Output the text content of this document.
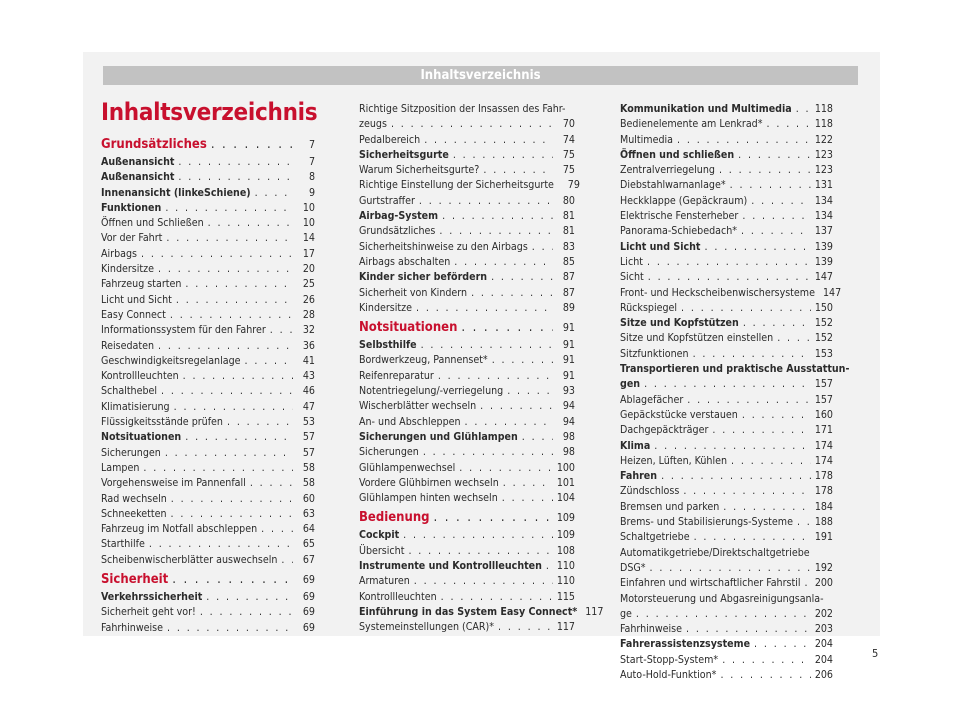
Inhaltsverzeichnis
Inhaltsverzeichnis
Grundsätzliches . . .	7
Außenansicht . . .	7
Außenansicht . . .	8
Innenansicht (linkeSchiene) . . .	9
Funktionen . . .	10
Öffnen und Schließen . . .	10
Vor der Fahrt . . .	14
Airbags . . .	17
Kindersitze . . .	20
Fahrzeug starten . . .	25
Licht und Sicht . . .	26
Easy Connect . . .	28
Informationssystem für den Fahrer . . .	32
Reisedaten . . .	36
Geschwindigkeitsregelanlage . . .	41
Kontrollleuchten . . .	43
Schalthebel . . .	46
Klimatisierung . . .	47
Flüssigkeitsstände prüfen . . .	53
Notsituationen . . .	57
Sicherungen . . .	57
Lampen . . .	58
Vorgehensweise im Pannenfall . . .	58
Rad wechseln . . .	60
Schneeketten . . .	63
Fahrzeug im Notfall abschleppen . . .	64
Starthilfe . . .	65
Scheibenwischerblätter auswechseln . . .	67
Sicherheit . . .	69
Verkehrssicherheit . . .	69
Sicherheit geht vor! . . .	69
Fahrhinweise . . .	69
Richtige Sitzposition der Insassen des Fahr-
zeugs . . .	70
Pedalbereich . . .	74
Sicherheitsgurte . . .	75
Warum Sicherheitsgurte? . . .	75
Richtige Einstellung der Sicherheitsgurte	79
Gurtstraffer . . .	80
Airbag-System . . .	81
Grundsätzliches . . .	81
Sicherheitshinweise zu den Airbags . . .	83
Airbags abschalten . . .	85
Kinder sicher befördern . . .	87
Sicherheit von Kindern . . .	87
Kindersitze . . .	89
Notsituationen . . .	91
Selbsthilfe . . .	91
Bordwerkzeug, Pannenset* . . .	91
Reifenreparatur . . .	91
Notentriegelung/-verriegelung . . .	93
Wischerblätter wechseln . . .	94
An- und Abschleppen . . .	94
Sicherungen und Glühlampen . . .	98
Sicherungen . . .	98
Glühlampenwechsel . . .	100
Vordere Glühbirnen wechseln . . .	101
Glühlampen hinten wechseln . . .	104
Bedienung . . .	109
Cockpit . . .	109
Übersicht . . .	108
Instrumente und Kontrollleuchten . . . 110
Armaturen . . .	110
Kontrollleuchten . . .	115
Einführung in das System Easy Connect* 117
Systemeinstellungen (CAR)* . . .	117
Kommunikation und Multimedia . . . 118
Bedienelemente am Lenkrad* . . .	118
Multimedia . . .	122
Öffnen und schließen . . .	123
Zentralverriegelung . . .	123
Diebstahlwarnanlage* . . .	131
Heckklappe (Gepäckraum) . . .	134
Elektrische Fensterheber . . .	134
Panorama-Schiebedach* . . .	137
Licht und Sicht . . .	139
Licht . . .	139
Sicht . . .	147
Front- und Heckscheibenwischersysteme 147
Rückspiegel . . .	150
Sitze und Kopfstützen . . .	152
Sitze und Kopfstützen einstellen . . .	152
Sitzfunktionen . . .	153
Transportieren und praktische Ausstattun-
gen . . .	157
Ablagefächer . . .	157
Gepäckstücke verstauen . . .	160
Dachgepäckträger . . .	171
Klima . . .	174
Heizen, Lüften, Kühlen . . .	174
Fahren . . .	178
Zündschloss . . .	178
Bremsen und parken . . .	184
Brems- und Stabilisierungs-Systeme . . . 188
Schaltgetriebe . . .	191
Automatikgetriebe/Direktschaltgetriebe
DSG* . . .	192
Einfahren und wirtschaftlicher Fahrstil . . . 200
Motorsteuerung und Abgasreinigungsanla-
ge . . .	202
Fahrhinweise . . .	203
Fahrerassistenzsysteme . . .	204
Start-Stopp-System* . . .	204
Auto-Hold-Funktion* . . .	206
5
